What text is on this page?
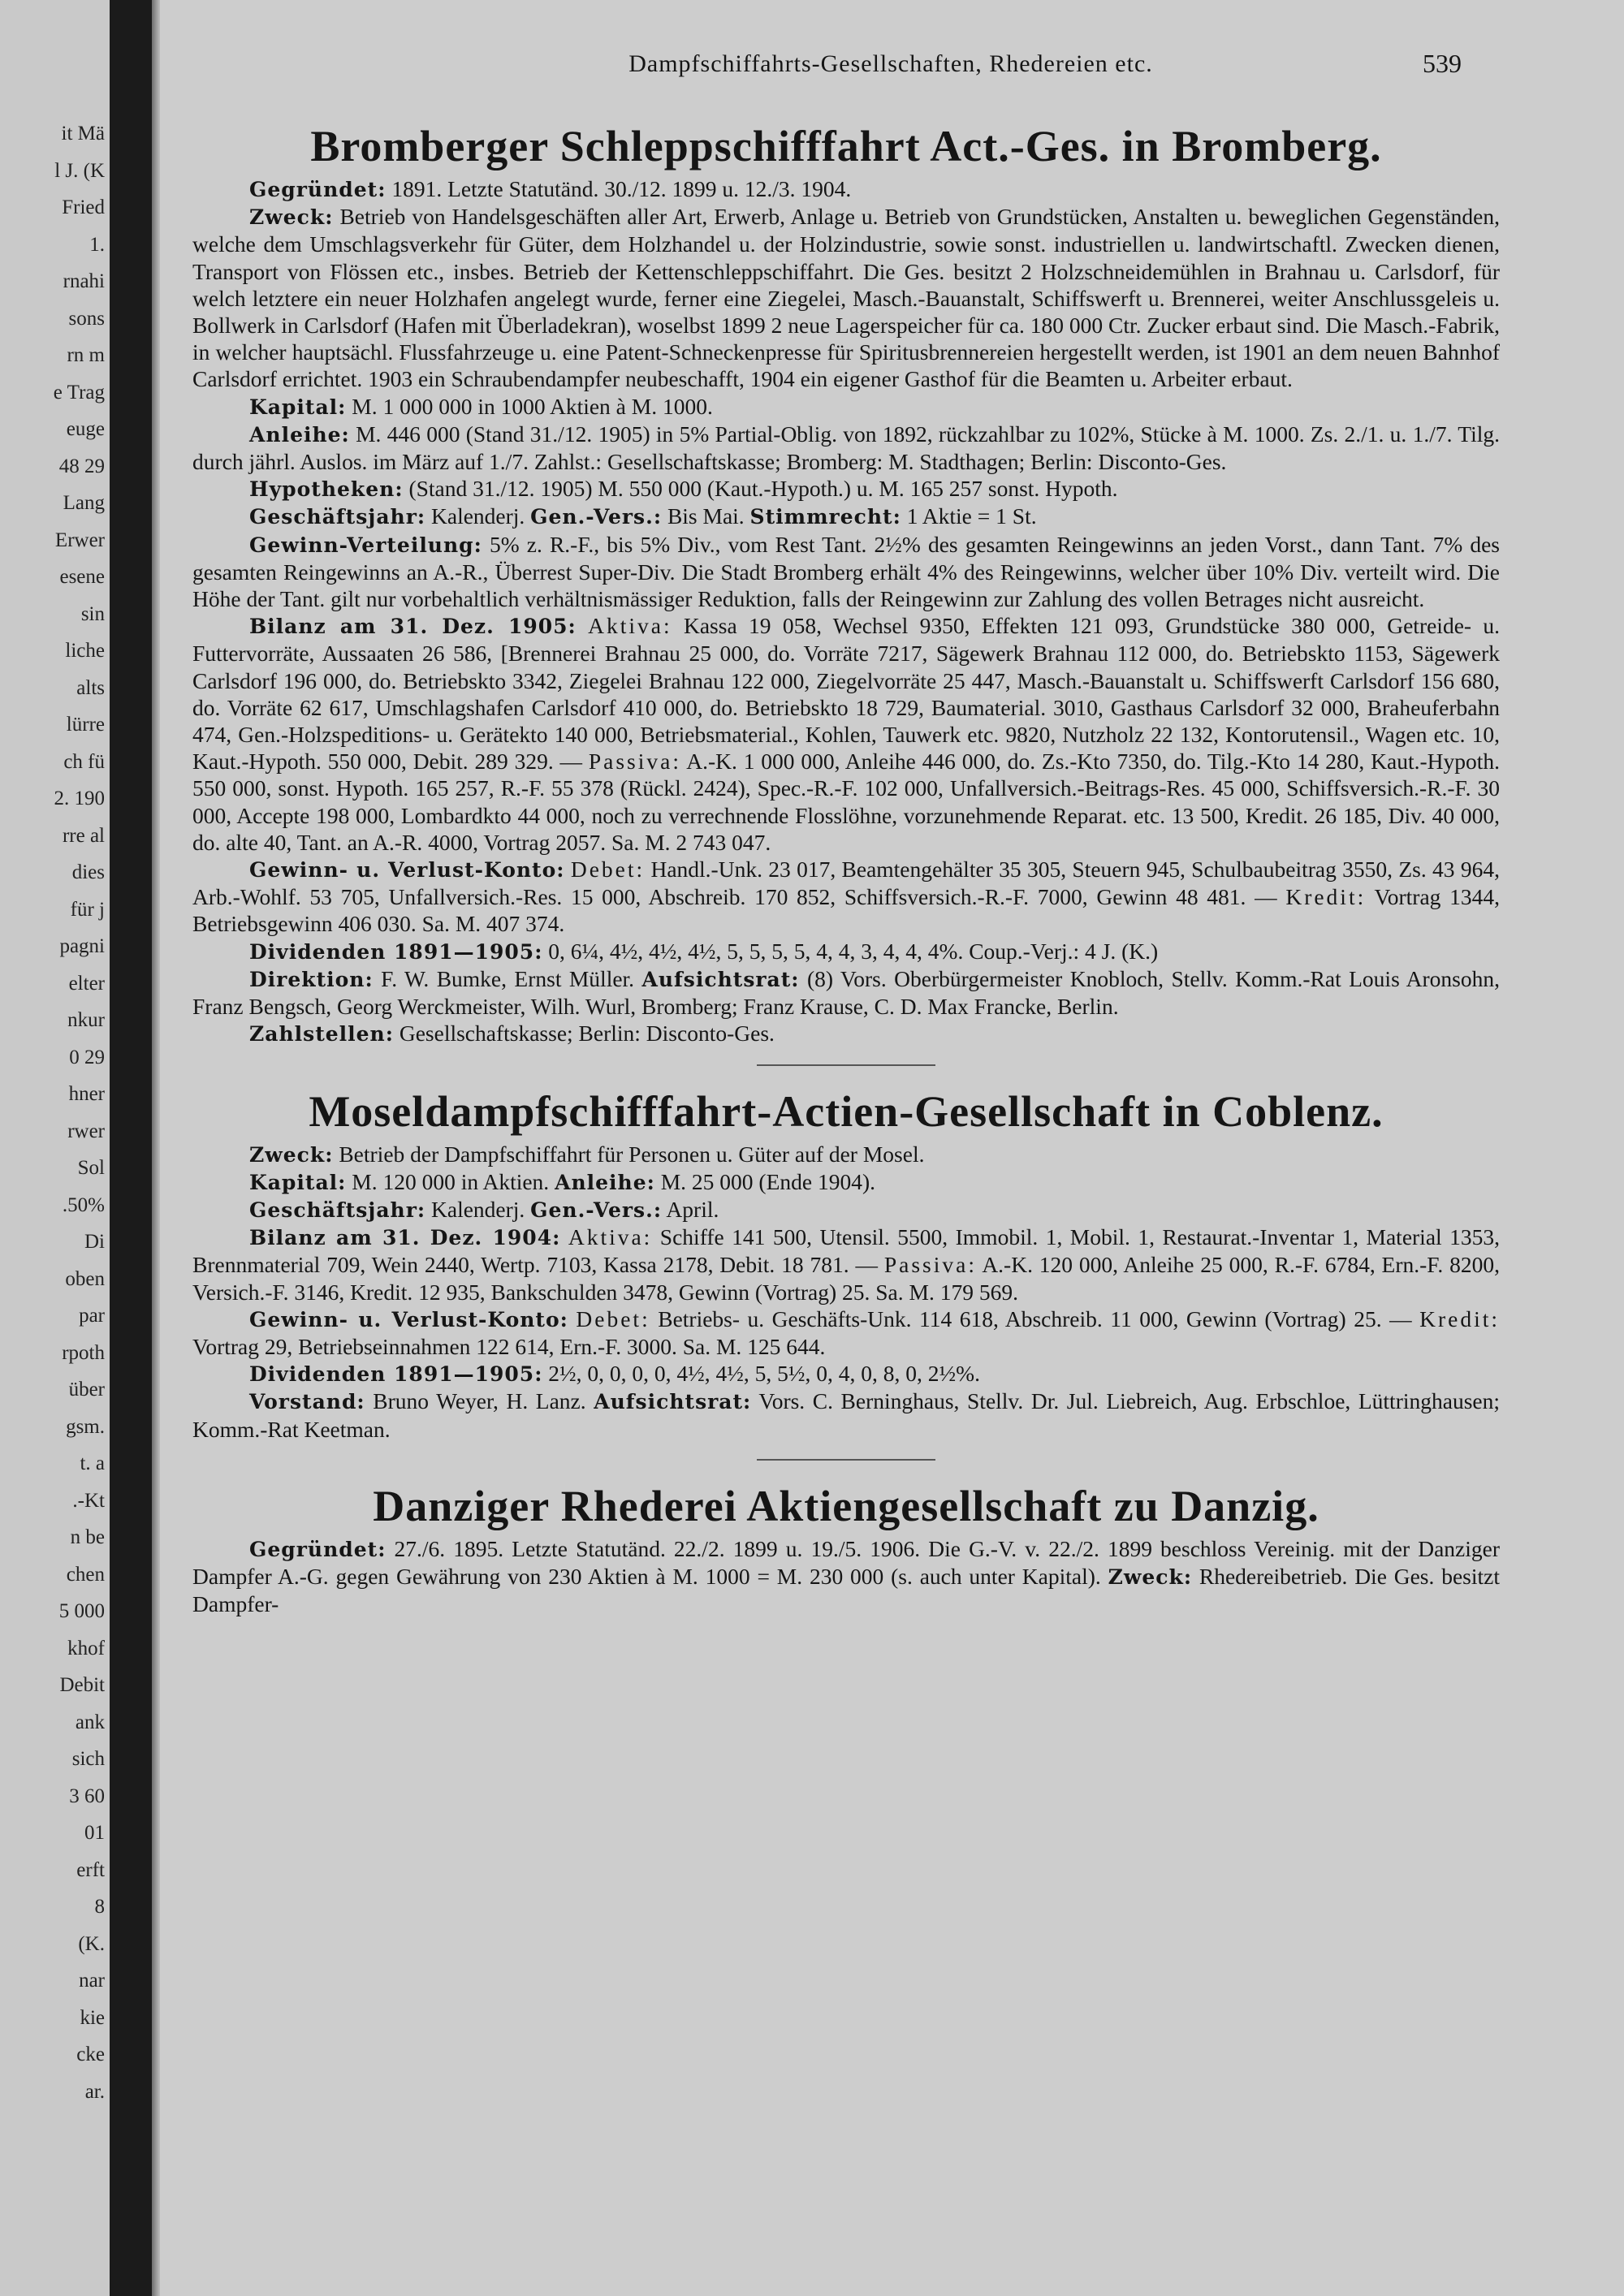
it Mä
l J. (K
Fried
1.
rnahi
sons
rn m
e Trag
euge
48 29
Lang
Erwer
esene
sin
liche
alts
lürre
ch fü
2. 190
rre al
dies
für j
pagni
elter
nkur
0 29
hner
rwer
Sol
.50%
Di
oben
par
rpoth
über
gsm.
t. a
.-Kt
n be
chen
5 000
khof
Debit
ank
sich
3 60
01
erft
8
(K.
nar
kie
cke
ar.
Dampfschiffahrts-Gesellschaften, Rhedereien etc.	539
Bromberger Schleppschifffahrt Act.-Ges. in Bromberg.

Gegründet: 1891. Letzte Statutänd. 30./12. 1899 u. 12./3. 1904.

Zweck: Betrieb von Handelsgeschäften aller Art, Erwerb, Anlage u. Betrieb von Grundstücken, Anstalten u. beweglichen Gegenständen, welche dem Umschlagsverkehr für Güter, dem Holzhandel u. der Holzindustrie, sowie sonst. industriellen u. landwirtschaftl. Zwecken dienen, Transport von Flössen etc., insbes. Betrieb der Kettenschleppschiffahrt. Die Ges. besitzt 2 Holzschneidemühlen in Brahnau u. Carlsdorf, für welch letztere ein neuer Holzhafen angelegt wurde, ferner eine Ziegelei, Masch.-Bauanstalt, Schiffswerft u. Brennerei, weiter Anschlussgeleis u. Bollwerk in Carlsdorf (Hafen mit Überladekran), woselbst 1899 2 neue Lagerspeicher für ca. 180 000 Ctr. Zucker erbaut sind. Die Masch.-Fabrik, in welcher hauptsächl. Flussfahrzeuge u. eine Patent-Schneckenpresse für Spiritusbrennereien hergestellt werden, ist 1901 an dem neuen Bahnhof Carlsdorf errichtet. 1903 ein Schraubendampfer neubeschafft, 1904 ein eigener Gasthof für die Beamten u. Arbeiter erbaut.

Kapital: M. 1 000 000 in 1000 Aktien à M. 1000.

Anleihe: M. 446 000 (Stand 31./12. 1905) in 5% Partial-Oblig. von 1892, rückzahlbar zu 102%, Stücke à M. 1000. Zs. 2./1. u. 1./7. Tilg. durch jährl. Auslos. im März auf 1./7. Zahlst.: Gesellschaftskasse; Bromberg: M. Stadthagen; Berlin: Disconto-Ges.

Hypotheken: (Stand 31./12. 1905) M. 550 000 (Kaut.-Hypoth.) u. M. 165 257 sonst. Hypoth.

Geschäftsjahr: Kalenderj. Gen.-Vers.: Bis Mai. Stimmrecht: 1 Aktie = 1 St.

Gewinn-Verteilung: 5% z. R.-F., bis 5% Div., vom Rest Tant. 2½% des gesamten Reingewinns an jeden Vorst., dann Tant. 7% des gesamten Reingewinns an A.-R., Überrest Super-Div. Die Stadt Bromberg erhält 4% des Reingewinns, welcher über 10% Div. verteilt wird. Die Höhe der Tant. gilt nur vorbehaltlich verhältnismässiger Reduktion, falls der Reingewinn zur Zahlung des vollen Betrages nicht ausreicht.

Bilanz am 31. Dez. 1905: Aktiva: Kassa 19 058, Wechsel 9350, Effekten 121 093, Grundstücke 380 000, Getreide- u. Futtervorräte, Aussaaten 26 586, [Brennerei Brahnau 25 000, do. Vorräte 7217, Sägewerk Brahnau 112 000, do. Betriebskto 1153, Sägewerk Carlsdorf 196 000, do. Betriebskto 3342, Ziegelei Brahnau 122 000, Ziegelvorräte 25 447, Masch.-Bauanstalt u. Schiffswerft Carlsdorf 156 680, do. Vorräte 62 617, Umschlagshafen Carlsdorf 410 000, do. Betriebskto 18 729, Baumaterial. 3010, Gasthaus Carlsdorf 32 000, Braheuferbahn 474, Gen.-Holzspeditions- u. Gerätekto 140 000, Betriebsmaterial., Kohlen, Tauwerk etc. 9820, Nutzholz 22 132, Kontorutensil., Wagen etc. 10, Kaut.-Hypoth. 550 000, Debit. 289 329. — Passiva: A.-K. 1 000 000, Anleihe 446 000, do. Zs.-Kto 7350, do. Tilg.-Kto 14 280, Kaut.-Hypoth. 550 000, sonst. Hypoth. 165 257, R.-F. 55 378 (Rückl. 2424), Spec.-R.-F. 102 000, Unfallversich.-Beitrags-Res. 45 000, Schiffsversich.-R.-F. 30 000, Accepte 198 000, Lombardkto 44 000, noch zu verrechnende Flosslöhne, vorzunehmende Reparat. etc. 13 500, Kredit. 26 185, Div. 40 000, do. alte 40, Tant. an A.-R. 4000, Vortrag 2057. Sa. M. 2 743 047.

Gewinn- u. Verlust-Konto: Debet: Handl.-Unk. 23 017, Beamtengehälter 35 305, Steuern 945, Schulbaubeitrag 3550, Zs. 43 964, Arb.-Wohlf. 53 705, Unfallversich.-Res. 15 000, Abschreib. 170 852, Schiffsversich.-R.-F. 7000, Gewinn 48 481. — Kredit: Vortrag 1344, Betriebsgewinn 406 030. Sa. M. 407 374.

Dividenden 1891—1905: 0, 6¼, 4½, 4½, 4½, 5, 5, 5, 5, 4, 4, 3, 4, 4, 4%. Coup.-Verj.: 4 J. (K.)

Direktion: F. W. Bumke, Ernst Müller. Aufsichtsrat: (8) Vors. Oberbürgermeister Knobloch, Stellv. Komm.-Rat Louis Aronsohn, Franz Bengsch, Georg Werckmeister, Wilh. Wurl, Bromberg; Franz Krause, C. D. Max Francke, Berlin.

Zahlstellen: Gesellschaftskasse; Berlin: Disconto-Ges.

Moseldampfschifffahrt-Actien-Gesellschaft in Coblenz.

Zweck: Betrieb der Dampfschiffahrt für Personen u. Güter auf der Mosel.

Kapital: M. 120 000 in Aktien. Anleihe: M. 25 000 (Ende 1904).

Geschäftsjahr: Kalenderj. Gen.-Vers.: April.

Bilanz am 31. Dez. 1904: Aktiva: Schiffe 141 500, Utensil. 5500, Immobil. 1, Mobil. 1, Restaurat.-Inventar 1, Material 1353, Brennmaterial 709, Wein 2440, Wertp. 7103, Kassa 2178, Debit. 18 781. — Passiva: A.-K. 120 000, Anleihe 25 000, R.-F. 6784, Ern.-F. 8200, Versich.-F. 3146, Kredit. 12 935, Bankschulden 3478, Gewinn (Vortrag) 25. Sa. M. 179 569.

Gewinn- u. Verlust-Konto: Debet: Betriebs- u. Geschäfts-Unk. 114 618, Abschreib. 11 000, Gewinn (Vortrag) 25. — Kredit: Vortrag 29, Betriebseinnahmen 122 614, Ern.-F. 3000. Sa. M. 125 644.

Dividenden 1891—1905: 2½, 0, 0, 0, 0, 4½, 4½, 5, 5½, 0, 4, 0, 8, 0, 2½%.

Vorstand: Bruno Weyer, H. Lanz. Aufsichtsrat: Vors. C. Berninghaus, Stellv. Dr. Jul. Liebreich, Aug. Erbschloe, Lüttringhausen; Komm.-Rat Keetman.

Danziger Rhederei Aktiengesellschaft zu Danzig.

Gegründet: 27./6. 1895. Letzte Statutänd. 22./2. 1899 u. 19./5. 1906. Die G.-V. v. 22./2. 1899 beschloss Vereinig. mit der Danziger Dampfer A.-G. gegen Gewährung von 230 Aktien à M. 1000 = M. 230 000 (s. auch unter Kapital). Zweck: Rhedereibetrieb. Die Ges. besitzt Dampfer-
